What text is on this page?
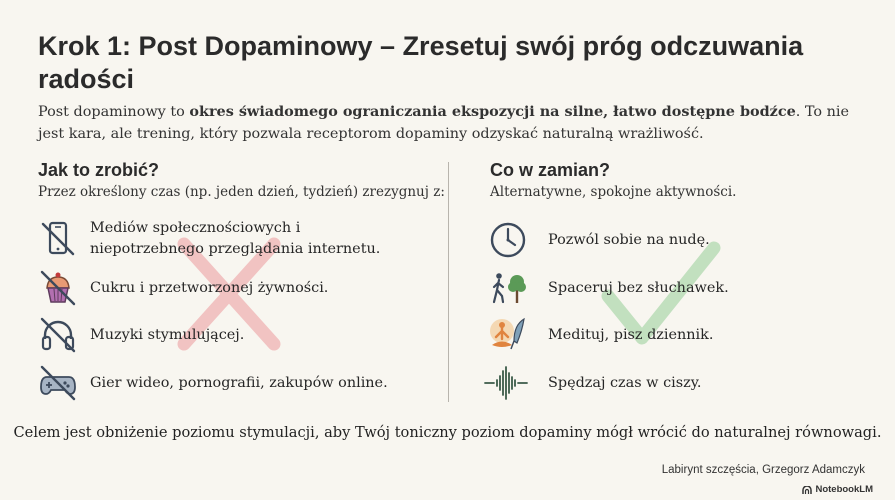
Krok 1: Post Dopaminowy – Zresetuj swój próg odczuwania radości

Post dopaminowy to okres świadomego ograniczania ekspozycji na silne, łatwo dostępne bodźce. To nie jest kara, ale trening, który pozwala receptorom dopaminy odzyskać naturalną wrażliwość.

Jak to zrobić?
Przez określony czas (np. jeden dzień, tydzień) zrezygnuj z:
Mediów społecznościowych i niepotrzebnego przeglądania internetu.
Cukru i przetworzonej żywności.
Muzyki stymulującej.
Gier wideo, pornografii, zakupów online.
Co w zamian?
Alternatywne, spokojne aktywności.
Pozwól sobie na nudę.
Spaceruj bez słuchawek.
Medituj, pisz dziennik.
Spędzaj czas w ciszy.
Celem jest obniżenie poziomu stymulacji, aby Twój toniczny poziom dopaminy mógł wrócić do naturalnej równowagi.
Labirynt szczęścia, Grzegorz Adamczyk
NotebookLM
